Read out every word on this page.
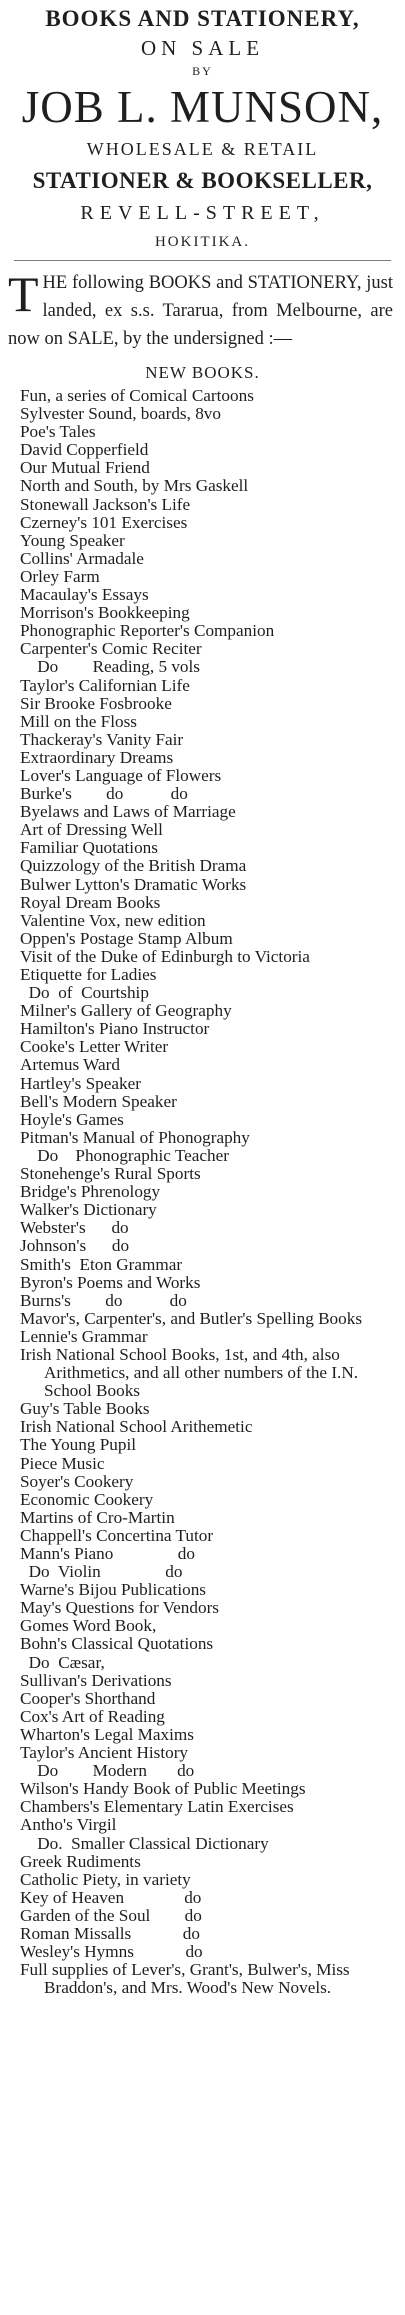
BOOKS AND STATIONERY,
ON SALE
BY
JOB L. MUNSON,
WHOLESALE & RETAIL
STATIONER & BOOKSELLER,
REVELL-STREET,
HOKITIKA.
T HE following BOOKS and STATIONERY, just landed, ex s.s. Tararua, from Melbourne, are now on SALE, by the undersigned :—
NEW BOOKS.
Fun, a series of Comical Cartoons
Sylvester Sound, boards, 8vo
Poe's Tales
David Copperfield
Our Mutual Friend
North and South, by Mrs Gaskell
Stonewall Jackson's Life
Czerney's 101 Exercises
Young Speaker
Collins' Armadale
Orley Farm
Macaulay's Essays
Morrison's Bookkeeping
Phonographic Reporter's Companion
Carpenter's Comic Reciter
Do        Reading, 5 vols
Taylor's Californian Life
Sir Brooke Fosbrooke
Mill on the Floss
Thackeray's Vanity Fair
Extraordinary Dreams
Lover's Language of Flowers
Burke's        do           do
Byelaws and Laws of Marriage
Art of Dressing Well
Familiar Quotations
Quizzology of the British Drama
Bulwer Lytton's Dramatic Works
Royal Dream Books
Valentine Vox, new edition
Oppen's Postage Stamp Album
Visit of the Duke of Edinburgh to Victoria
Etiquette for Ladies
Do  of  Courtship
Milner's Gallery of Geography
Hamilton's Piano Instructor
Cooke's Letter Writer
Artemus Ward
Hartley's Speaker
Bell's Modern Speaker
Hoyle's Games
Pitman's Manual of Phonography
Do    Phonographic Teacher
Stonehenge's Rural Sports
Bridge's Phrenology
Walker's Dictionary
Webster's      do
Johnson's      do
Smith's  Eton Grammar
Byron's Poems and Works
Burns's        do           do
Mavor's, Carpenter's, and Butler's Spelling Books
Lennie's Grammar
Irish National School Books, 1st, and 4th, also Arithmetics, and all other numbers of the I.N. School Books
Guy's Table Books
Irish National School Arithemetic
The Young Pupil
Piece Music
Soyer's Cookery
Economic Cookery
Martins of Cro-Martin
Chappell's Concertina Tutor
Mann's Piano               do
Do  Violin               do
Warne's Bijou Publications
May's Questions for Vendors
Gomes Word Book,
Bohn's Classical Quotations
Do  Cæsar,
Sullivan's Derivations
Cooper's Shorthand
Cox's Art of Reading
Wharton's Legal Maxims
Taylor's Ancient History
Do        Modern       do
Wilson's Handy Book of Public Meetings
Chambers's Elementary Latin Exercises
Antho's Virgil
Do.  Smaller Classical Dictionary
Greek Rudiments
Catholic Piety, in variety
Key of Heaven              do
Garden of the Soul        do
Roman Missalls            do
Wesley's Hymns            do
Full supplies of Lever's, Grant's, Bulwer's, Miss Braddon's, and Mrs. Wood's New Novels.
